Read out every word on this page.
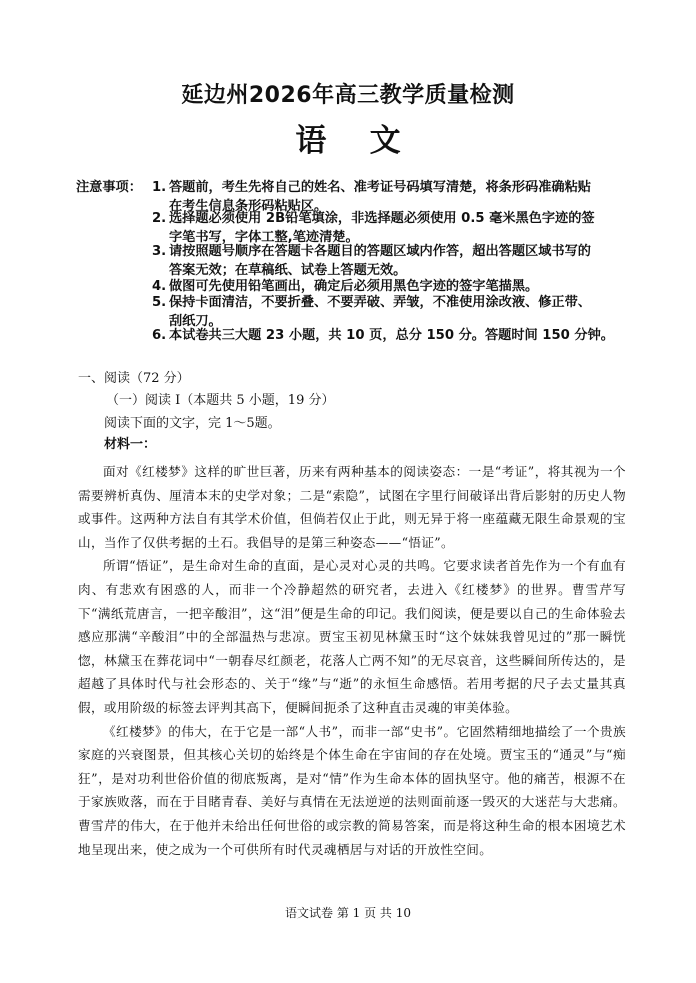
延边州2026年高三教学质量检测
语    文
注意事项： 1. 答题前，考生先将自己的姓名、准考证号码填写清楚，将条形码准确粘贴
在考生信息条形码粘贴区。
2. 选择题必须使用 2B铅笔填涂，非选择题必须使用 0.5 毫米黑色字迹的签
字笔书写，字体工整,笔迹清楚。
3. 请按照题号顺序在答题卡各题目的答题区域内作答，超出答题区域书写的
答案无效；在草稿纸、试卷上答题无效。
4. 做图可先使用铅笔画出，确定后必须用黑色字迹的签字笔描黑。
5. 保持卡面清洁，不要折叠、不要弄破、弄皱，不准使用涂改液、修正带、
刮纸刀。
6. 本试卷共三大题 23 小题，共 10 页，总分 150 分。答题时间 150 分钟。
一、阅读（72 分）
（一）阅读 I（本题共 5 小题，19 分）
阅读下面的文字，完 1～5题。
材料一：

面对《红楼梦》这样的旷世巨著，历来有两种基本的阅读姿态：一是“考证”，将其视为一个需要辨析真伪、厘清本末的史学对象；二是“索隐”，试图在字里行间破译出背后影射的历史人物或事件。这两种方法自有其学术价值，但倘若仅止于此，则无异于将一座蕴藏无限生命景观的宝山，当作了仅供考据的土石。我倡导的是第三种姿态——“悟证”。

所谓“悟证”，是生命对生命的直面，是心灵对心灵的共鸣。它要求读者首先作为一个有血有肉、有悲欢有困惑的人，而非一个冷静超然的研究者，去进入《红楼梦》的世界。曹雪芹写下“满纸荒唐言，一把辛酸泪”，这“泪”便是生命的印记。我们阅读，便是要以自己的生命体验去感应那满“辛酸泪”中的全部温热与悲凉。贾宝玉初见林黛玉时“这个妹妹我曾见过的”那一瞬恍惚，林黛玉在葬花词中“一朝春尽红颜老，花落人亡两不知”的无尽哀音，这些瞬间所传达的，是超越了具体时代与社会形态的、关于“缘”与“逝”的永恒生命感悟。若用考据的尺子去丈量其真假，或用阶级的标签去评判其高下，便瞬间扼杀了这种直击灵魂的审美体验。

《红楼梦》的伟大，在于它是一部“人书”，而非一部“史书”。它固然精细地描绘了一个贵族家庭的兴衰图景，但其核心关切的始终是个体生命在宇宙间的存在处境。贾宝玉的“通灵”与“痴狂”，是对功利世俗价值的彻底叛离，是对“情”作为生命本体的固执坚守。他的痛苦，根源不在于家族败落，而在于目睹青春、美好与真情在无法逆逆的法则面前逐一毁灭的大迷茫与大悲痛。曹雪芹的伟大，在于他并未给出任何世俗的或宗教的简易答案，而是将这种生命的根本困境艺术地呈现出来，使之成为一个可供所有时代灵魂栖居与对话的开放性空间。

语文试卷 第 1 页 共 10
